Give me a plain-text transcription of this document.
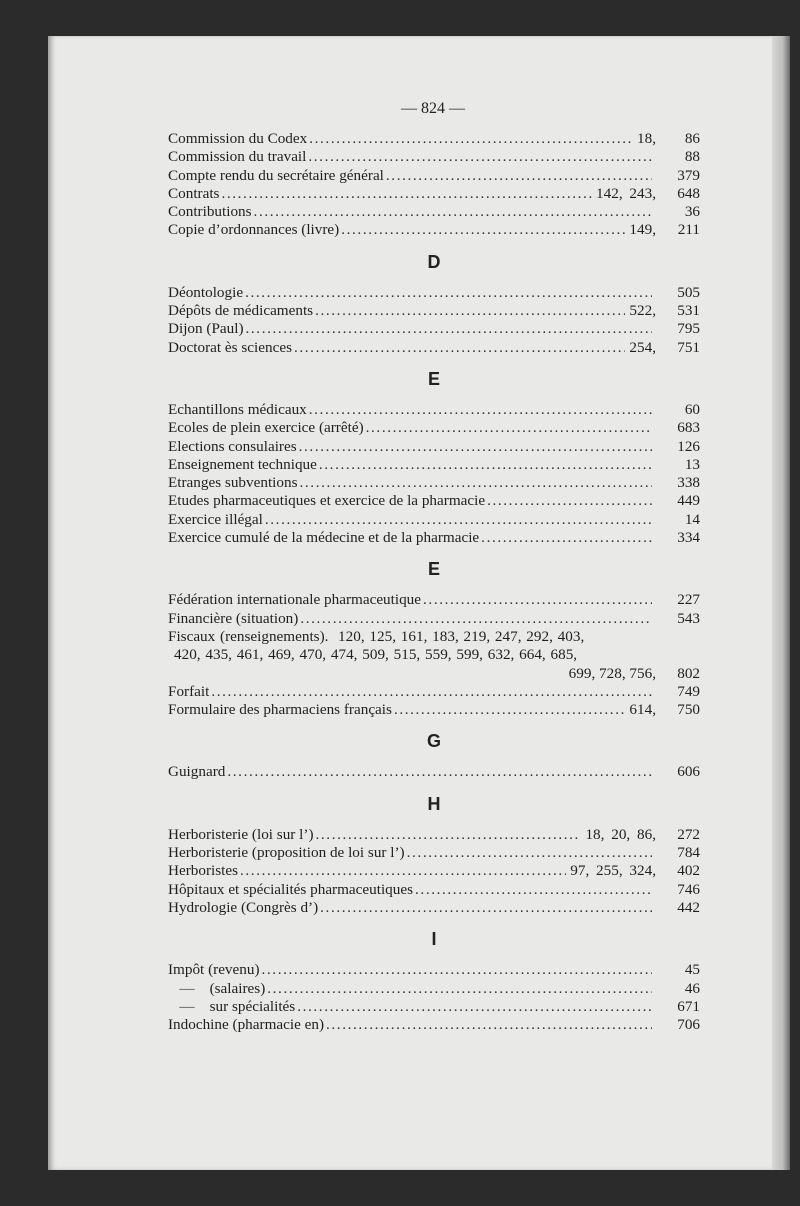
— 824 —
Commission du Codex .....	18,	86
Commission du travail .....	88
Compte rendu du secrétaire général .....	379
Contrats .....	142, 243,	648
Contributions .....	36
Copie d’ordonnances (livre) .....	149,	211
D
Déontologie .....	505
Dépôts de médicaments .....	522,	531
Dijon (Paul) .....	795
Doctorat ès sciences .....	254,	751
E
Echantillons médicaux .....	60
Ecoles de plein exercice (arrêté) .....	683
Elections consulaires .....	126
Enseignement technique .....	13
Etranges subventions .....	338
Etudes pharmaceutiques et exercice de la pharmacie .....	449
Exercice illégal .....	14
Exercice cumulé de la médecine et de la pharmacie .....	334
E
Fédération internationale pharmaceutique .....	227
Financière (situation) .....	543
Fiscaux (renseignements). 120, 125, 161, 183, 219, 247, 292, 403,
420, 435, 461, 469, 470, 474, 509, 515, 559, 599, 632, 664, 685,
699, 728, 756,	802
Forfait .....	749
Formulaire des pharmaciens français .....	614,	750
G
Guignard .....	606
H
Herboristerie (loi sur l’) .....	18, 20, 86,	272
Herboristerie (proposition de loi sur l’) .....	784
Herboristes .....	97, 255, 324,	402
Hôpitaux et spécialités pharmaceutiques .....	746
Hydrologie (Congrès d’) .....	442
I
Impôt (revenu) .....	45
— (salaires) .....	46
— sur spécialités .....	671
Indochine (pharmacie en) .....	706
